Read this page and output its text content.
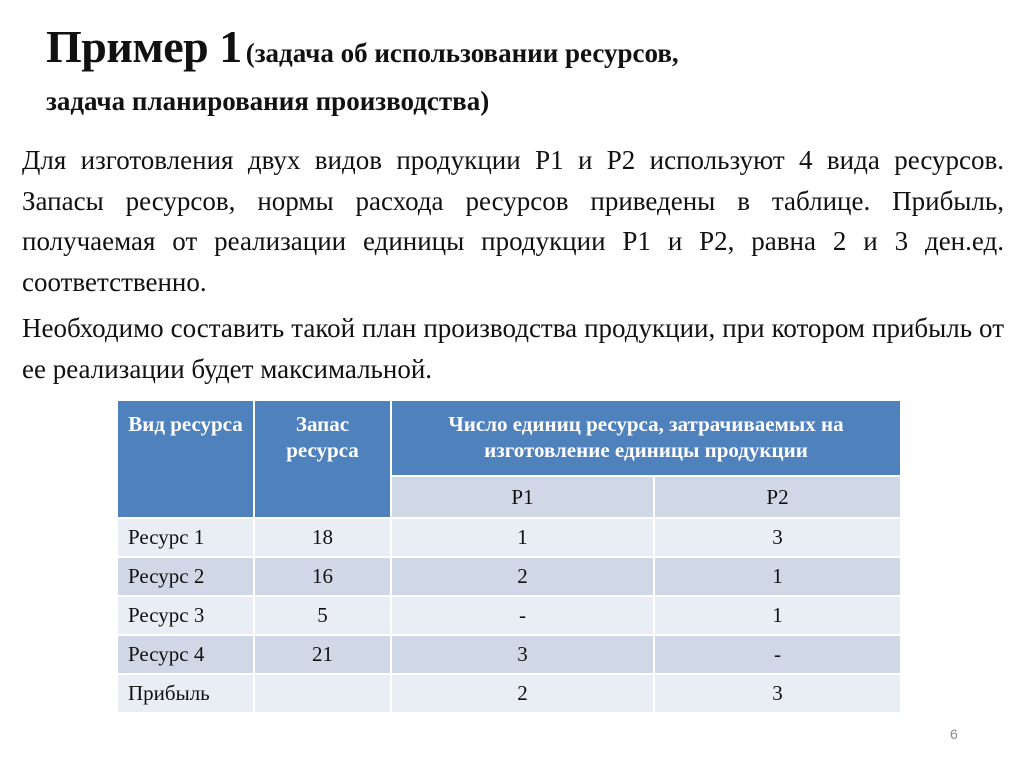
Пример 1 (задача об использовании ресурсов,
задача планирования производства)

Для изготовления двух видов продукции Р1 и Р2 используют 4 вида ресурсов. Запасы ресурсов, нормы расхода ресурсов приведены в таблице. Прибыль, получаемая от реализации единицы продукции Р1 и Р2, равна 2 и 3 ден.ед. соответственно.

Необходимо составить такой план производства продукции, при котором прибыль от ее реализации будет максимальной.

Вид ресурса	Запас ресурса	Число единиц ресурса, затрачиваемых на изготовление единицы продукции	
		Р1	Р2
Ресурс 1	18	1	3
Ресурс 2	16	2	1
Ресурс 3	5	-	1
Ресурс 4	21	3	-
Прибыль		2	3
6
